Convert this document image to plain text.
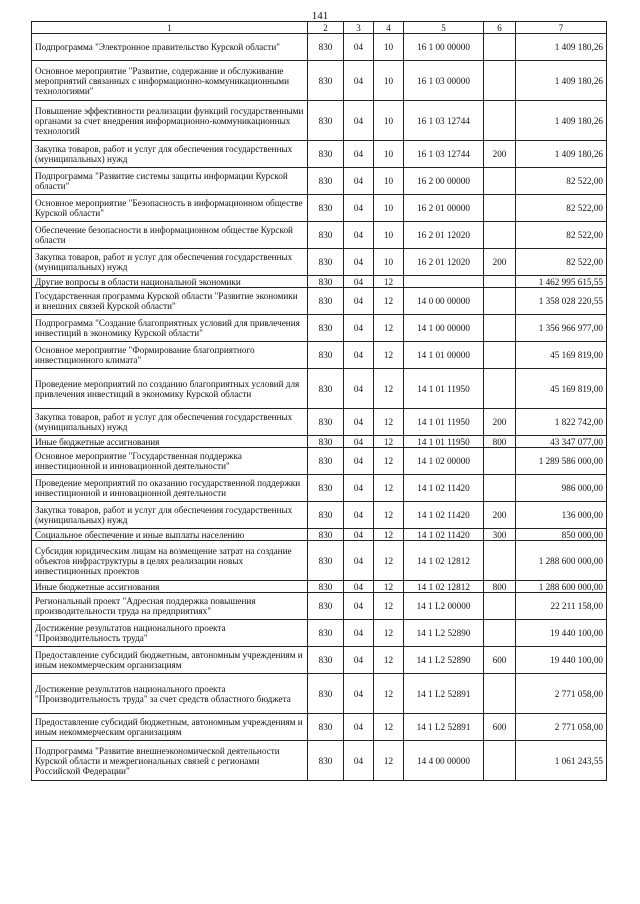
141
1	2	3	4	5	6	7
Подпрограмма "Электронное правительство Курской области"	830	04	10	16 1 00 00000		1 409 180,26
Основное мероприятие "Развитие, содержание и обслуживание мероприятий связанных с информационно-коммуникационными технологиями"	830	04	10	16 1 03 00000		1 409 180,26
Повышение эффективности реализации функций государственными органами за счет внедрения информационно-коммуникационных технологий	830	04	10	16 1 03 12744		1 409 180,26
Закупка товаров, работ и услуг для обеспечения государственных (муниципальных) нужд	830	04	10	16 1 03 12744	200	1 409 180,26
Подпрограмма "Развитие системы защиты информации Курской области"	830	04	10	16 2 00 00000		82 522,00
Основное мероприятие "Безопасность в информационном обществе Курской области"	830	04	10	16 2 01 00000		82 522,00
Обеспечение безопасности в информационном обществе Курской области	830	04	10	16 2 01 12020		82 522,00
Закупка товаров, работ и услуг для обеспечения государственных (муниципальных) нужд	830	04	10	16 2 01 12020	200	82 522,00
Другие вопросы в области национальной экономики	830	04	12			1 462 995 615,55
Государственная программа Курской области "Развитие экономики и внешних связей Курской области"	830	04	12	14 0 00 00000		1 358 028 220,55
Подпрограмма "Создание благоприятных условий для привлечения инвестиций в экономику Курской области"	830	04	12	14 1 00 00000		1 356 966 977,00
Основное мероприятие "Формирование благоприятного инвестиционного климата"	830	04	12	14 1 01 00000		45 169 819,00
Проведение мероприятий по созданию благоприятных условий для привлечения инвестиций в экономику Курской области	830	04	12	14 1 01 11950		45 169 819,00
Закупка товаров, работ и услуг для обеспечения государственных (муниципальных) нужд	830	04	12	14 1 01 11950	200	1 822 742,00
Иные бюджетные ассигнования	830	04	12	14 1 01 11950	800	43 347 077,00
Основное мероприятие "Государственная поддержка инвестиционной и инновационной деятельности"	830	04	12	14 1 02 00000		1 289 586 000,00
Проведение мероприятий по оказанию государственной поддержки инвестиционной и инновационной деятельности	830	04	12	14 1 02 11420		986 000,00
Закупка товаров, работ и услуг для обеспечения государственных (муниципальных) нужд	830	04	12	14 1 02 11420	200	136 000,00
Социальное обеспечение и иные выплаты населению	830	04	12	14 1 02 11420	300	850 000,00
Субсидия юридическим лицам на возмещение затрат на создание объектов инфраструктуры в целях реализации новых инвестиционных проектов	830	04	12	14 1 02 12812		1 288 600 000,00
Иные бюджетные ассигнования	830	04	12	14 1 02 12812	800	1 288 600 000,00
Региональный проект "Адресная поддержка повышения производительности труда на предприятиях"	830	04	12	14 1 L2 00000		22 211 158,00
Достижение результатов национального проекта "Производительность труда"	830	04	12	14 1 L2 52890		19 440 100,00
Предоставление субсидий бюджетным, автономным учреждениям и иным некоммерческим организациям	830	04	12	14 1 L2 52890	600	19 440 100,00
Достижение результатов национального проекта "Производительность труда" за счет средств областного бюджета	830	04	12	14 1 L2 52891		2 771 058,00
Предоставление субсидий бюджетным, автономным учреждениям и иным некоммерческим организациям	830	04	12	14 1 L2 52891	600	2 771 058,00
Подпрограмма "Развитие внешнеэкономической деятельности Курской области и межрегиональных связей с регионами Российской Федерации"	830	04	12	14 4 00 00000		1 061 243,55
